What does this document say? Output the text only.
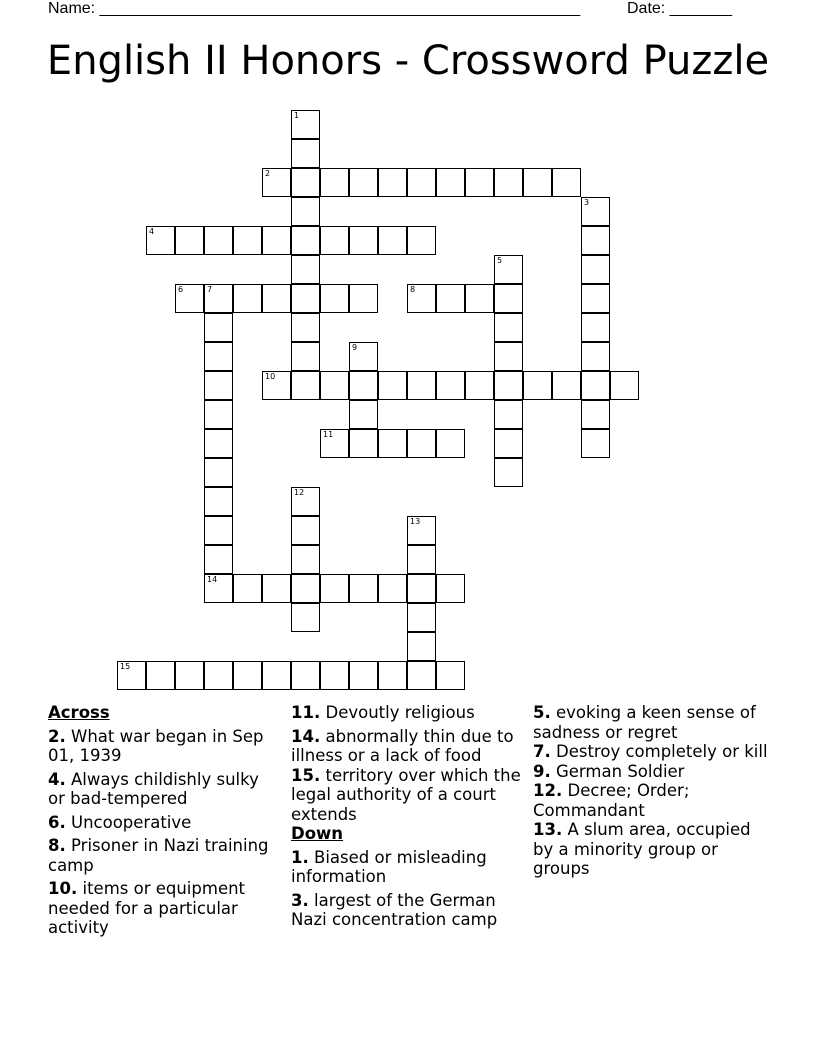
Name: ______________________________________________________	Date: _______
English II Honors - Crossword Puzzle
1
2
3
4
5
6	7
14
8
9
10
11
12
13
15
Across
2. What war began in Sep 01, 1939
4. Always childishly sulky or bad-tempered
6. Uncooperative
8. Prisoner in Nazi training camp
10. items or equipment needed for a particular activity
11. Devoutly religious
14. abnormally thin due to illness or a lack of food
15. territory over which the legal authority of a court extends
Down
1. Biased or misleading information
3. largest of the German Nazi concentration camp
5. evoking a keen sense of sadness or regret
7. Destroy completely or kill
9. German Soldier
12. Decree; Order; Commandant
13. A slum area, occupied by a minority group or groups
